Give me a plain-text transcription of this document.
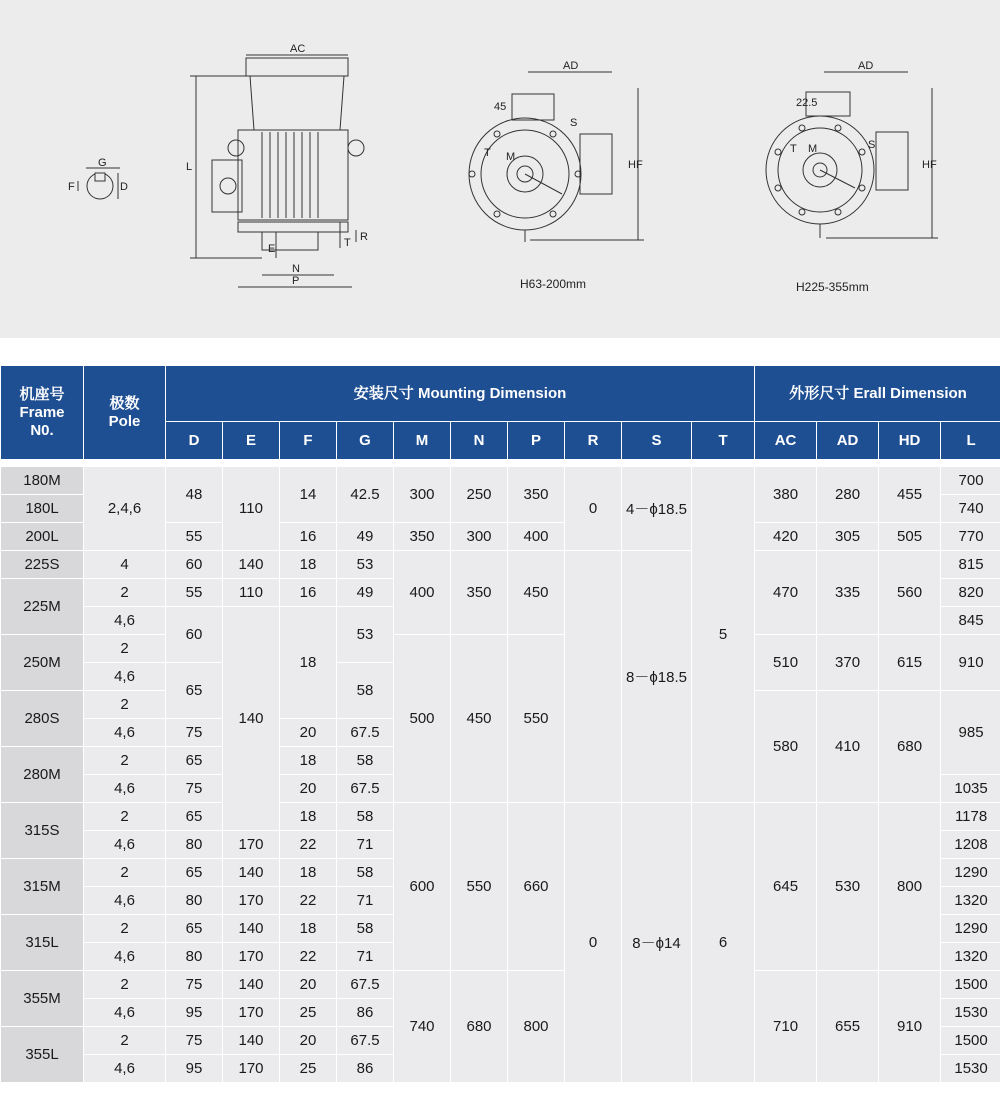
G
F	D
AC
L
E
N
P
T R
AD
HF
45
S
T M
AD
HF
22.5
S
T M
H63-200mm	H225-355mm
机座号
Frame
N0.	极数
Pole	安装尺寸 Mounting Dimension										外形尺寸 Erall Dimension			
		D	E	F	G	M	N	P	R	S	T	AC	AD	HD	L

180M	2,4,6	48	110	14	42.5	300	250	350	0	4－ϕ18.5	5	380	280	455	700
180L															740
200L		55		16	49	350	300	400				420	305	505	770
225S	4	60	140	18	53	400	350	450		8－ϕ18.5		470	335	560	815
225M	2	55	110	16	49										820
	4,6	60	140	18	53										845
250M	2					500	450	550				510	370	615	910
	4,6	65			58										
280S	2											580	410	680	985
	4,6	75		20	67.5										
280M	2	65		18	58										
	4,6	75		20	67.5										1035
315S	2	65		18	58	600	550	660	0	8－ϕ14	6	645	530	800	1178
	4,6	80	170	22	71										1208
315M	2	65	140	18	58										1290
	4,6	80	170	22	71										1320
315L	2	65	140	18	58										1290
	4,6	80	170	22	71										1320
355M	2	75	140	20	67.5	740	680	800				710	655	910	1500
	4,6	95	170	25	86										1530
355L	2	75	140	20	67.5										1500
	4,6	95	170	25	86										1530
